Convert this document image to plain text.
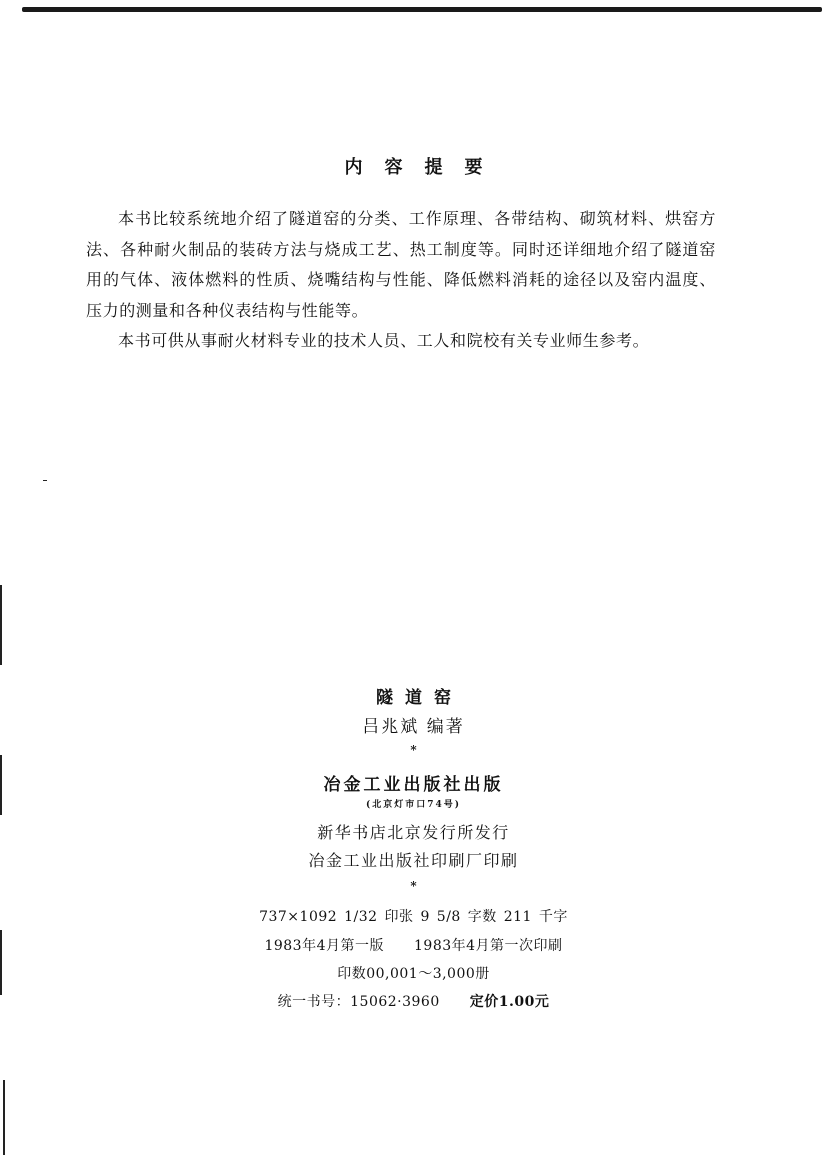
内容提要

本书比较系统地介绍了隧道窑的分类、工作原理、各带结构、砌筑材料、烘窑方法、各种耐火制品的装砖方法与烧成工艺、热工制度等。同时还详细地介绍了隧道窑用的气体、液体燃料的性质、烧嘴结构与性能、降低燃料消耗的途径以及窑内温度、压力的测量和各种仪表结构与性能等。

本书可供从事耐火材料专业的技术人员、工人和院校有关专业师生参考。

隧道窑
吕兆斌 编著
*
冶金工业出版社出版
(北京灯市口74号)
新华书店北京发行所发行
冶金工业出版社印刷厂印刷
*
737×1092 1/32 印张 9 5/8 字数 211 千字
1983年4月第一版 1983年4月第一次印刷
印数00,001～3,000册
统一书号：15062·3960 定价1.00元
